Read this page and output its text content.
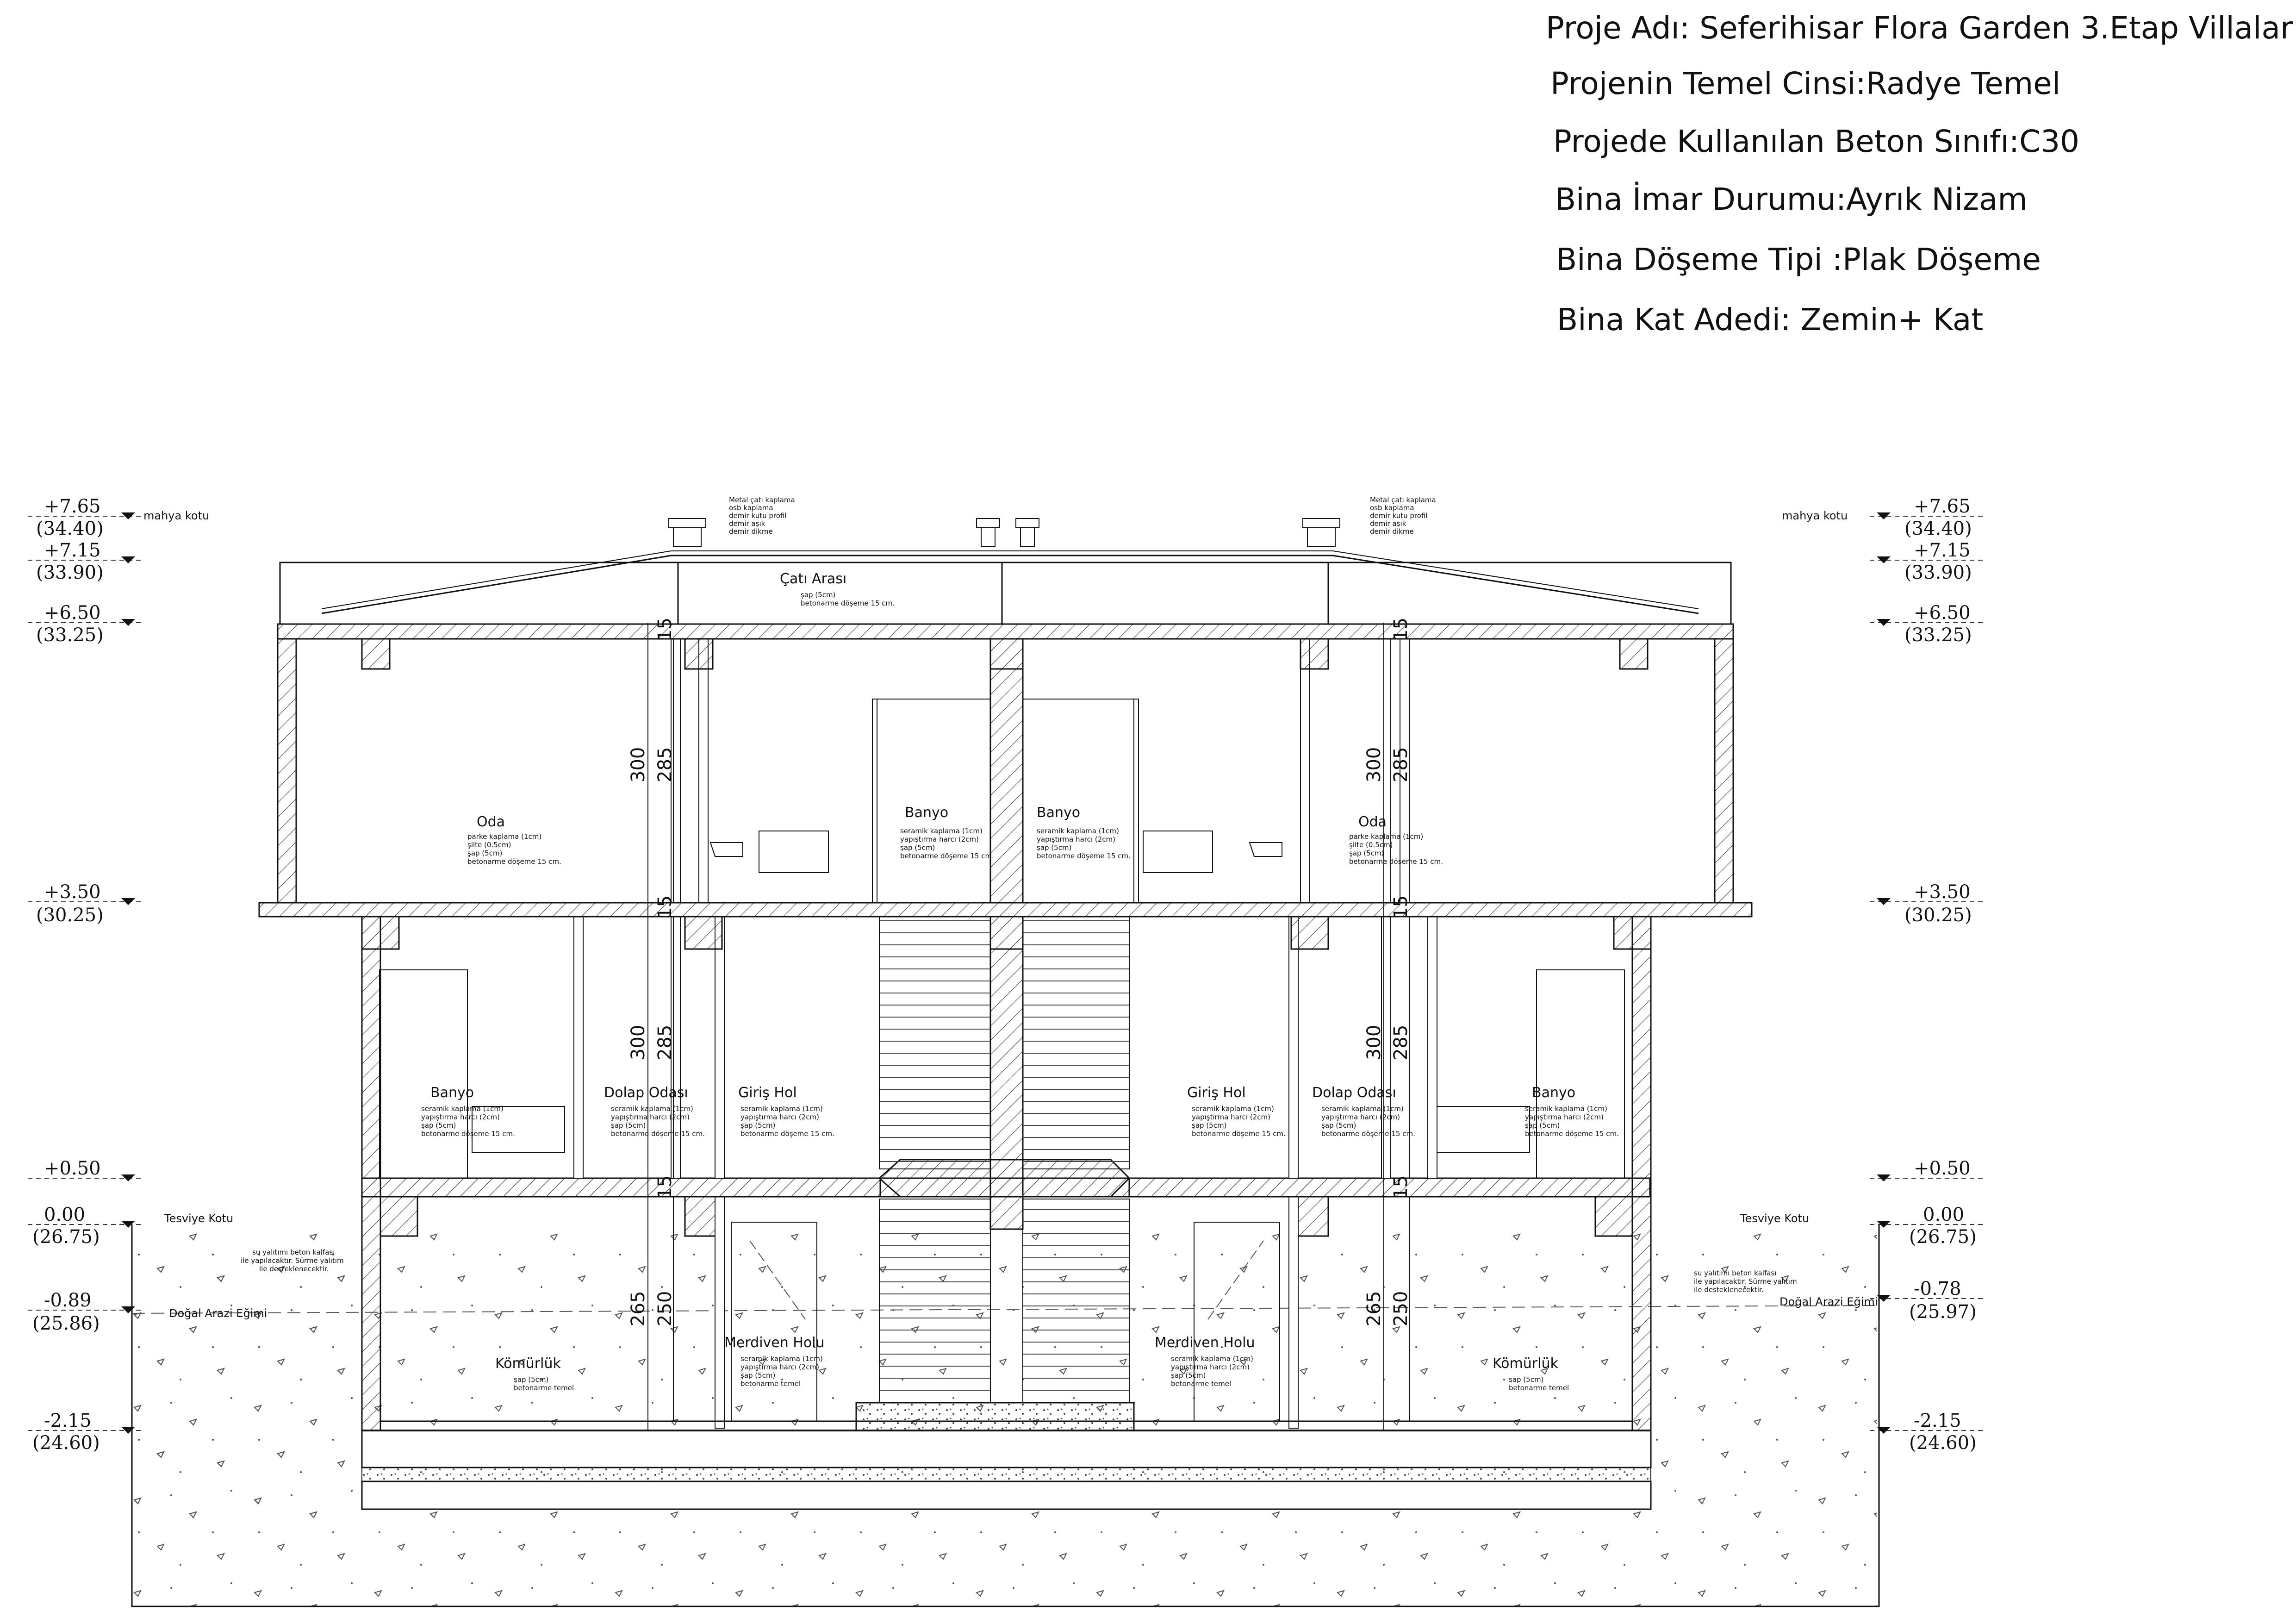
Proje Adı: Seferihisar Flora Garden 3.Etap Villalar
Projenin Temel Cinsi:Radye Temel
Projede Kullanılan Beton Sınıfı:C30
Bina İmar Durumu:Ayrık Nizam
Bina Döşeme Tipi :Plak Döşeme
Bina Kat Adedi: Zemin+ Kat
+7.65
(34.40)
mahya kotu
+7.15
(33.90)
+6.50
(33.25)
+3.50
(30.25)
+0.50
0.00
(26.75)
Tesviye Kotu
-0.89
(25.86)	Doğal Arazi Eğimi
-2.15
(24.60)
+7.65
(34.40)
mahya kotu
+7.15
(33.90)
+6.50
(33.25)
+3.50
(30.25)
+0.50
0.00
(26.75)
Tesviye Kotu
-0.78
(25.97)
Doğal Arazi Eğimi
-2.15
(24.60)
Çatı Arası
Oda
Banyo	Banyo
Oda
Banyo	Dolap Odası	Giriş Hol	Giriş Hol	Dolap Odası	Banyo
Kömürlük
Merdiven Holu	Merdiven Holu
Kömürlük
Metal çatı kaplama
osb kaplama
demir kutu profil
demir aşık
demir dikme
Metal çatı kaplama
osb kaplama
demir kutu profil
demir aşık
demir dikme
şap (5cm)
betonarme döşeme 15 cm.
parke kaplama (1cm)
şilte (0.5cm)
şap (5cm)
betonarme döşeme 15 cm.
parke kaplama (1cm)
şilte (0.5cm)
şap (5cm)
betonarme döşeme 15 cm.
seramik kaplama (1cm)
yapıştırma harcı (2cm)
şap (5cm)
betonarme döşeme 15 cm.
seramik kaplama (1cm)
yapıştırma harcı (2cm)
şap (5cm)
betonarme döşeme 15 cm.
seramik kaplama (1cm)
yapıştırma harcı (2cm)
şap (5cm)
betonarme döşeme 15 cm.
seramik kaplama (1cm)
yapıştırma harcı (2cm)
şap (5cm)
betonarme döşeme 15 cm.
seramik kaplama (1cm)
yapıştırma harcı (2cm)
şap (5cm)
betonarme döşeme 15 cm.
seramik kaplama (1cm)
yapıştırma harcı (2cm)
şap (5cm)
betonarme döşeme 15 cm.
seramik kaplama (1cm)
yapıştırma harcı (2cm)
şap (5cm)
betonarme döşeme 15 cm.
seramik kaplama (1cm)
yapıştırma harcı (2cm)
şap (5cm)
betonarme döşeme 15 cm.
seramik kaplama (1cm)
yapıştırma harcı (2cm)
şap (5cm)
betonarme temel
seramik kaplama (1cm)
yapıştırma harcı (2cm)
şap (5cm)
betonarme temel
şap (5cm)
betonarme temel
şap (5cm)
betonarme temel
su yalıtımı beton kalfası
ile yapılacaktır. Sürme yalıtım
ile desteklenecektir.	su yalıtımı beton kalfası
ile yapılacaktır. Sürme yalıtım
ile desteklenecektir.
300 285
15
300 285
15
300 285
15
300 285
15
265 250
15
265 250
15
